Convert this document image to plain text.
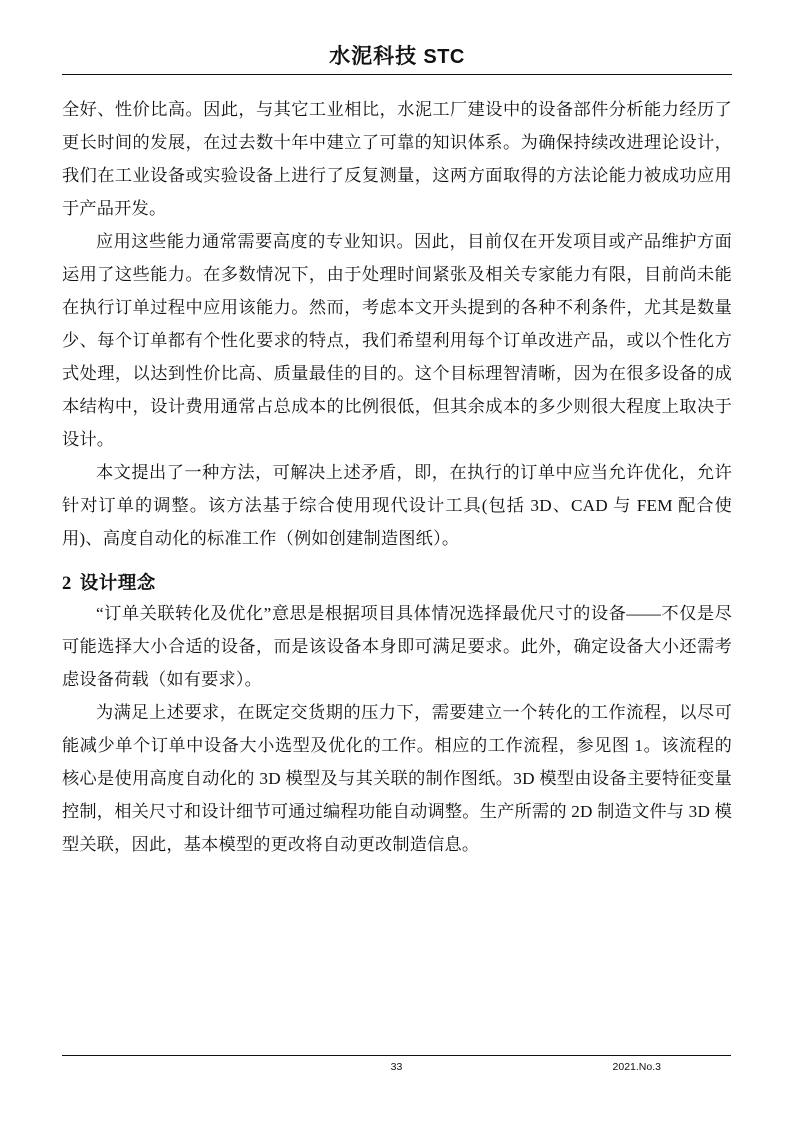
水泥科技 STC

全好、性价比高。因此，与其它工业相比，水泥工厂建设中的设备部件分析能力经历了更长时间的发展，在过去数十年中建立了可靠的知识体系。为确保持续改进理论设计，我们在工业设备或实验设备上进行了反复测量，这两方面取得的方法论能力被成功应用于产品开发。

应用这些能力通常需要高度的专业知识。因此，目前仅在开发项目或产品维护方面运用了这些能力。在多数情况下，由于处理时间紧张及相关专家能力有限，目前尚未能在执行订单过程中应用该能力。然而，考虑本文开头提到的各种不利条件，尤其是数量少、每个订单都有个性化要求的特点，我们希望利用每个订单改进产品，或以个性化方式处理，以达到性价比高、质量最佳的目的。这个目标理智清晰，因为在很多设备的成本结构中，设计费用通常占总成本的比例很低，但其余成本的多少则很大程度上取决于设计。

本文提出了一种方法，可解决上述矛盾，即，在执行的订单中应当允许优化，允许针对订单的调整。该方法基于综合使用现代设计工具(包括 3D、CAD 与 FEM 配合使用)、高度自动化的标准工作（例如创建制造图纸）。

2 设计理念

“订单关联转化及优化”意思是根据项目具体情况选择最优尺寸的设备——不仅是尽可能选择大小合适的设备，而是该设备本身即可满足要求。此外，确定设备大小还需考虑设备荷载（如有要求）。

为满足上述要求，在既定交货期的压力下，需要建立一个转化的工作流程，以尽可能减少单个订单中设备大小选型及优化的工作。相应的工作流程，参见图 1。该流程的核心是使用高度自动化的 3D 模型及与其关联的制作图纸。3D 模型由设备主要特征变量控制，相关尺寸和设计细节可通过编程功能自动调整。生产所需的 2D 制造文件与 3D 模型关联，因此，基本模型的更改将自动更改制造信息。

33	2021.No.3
